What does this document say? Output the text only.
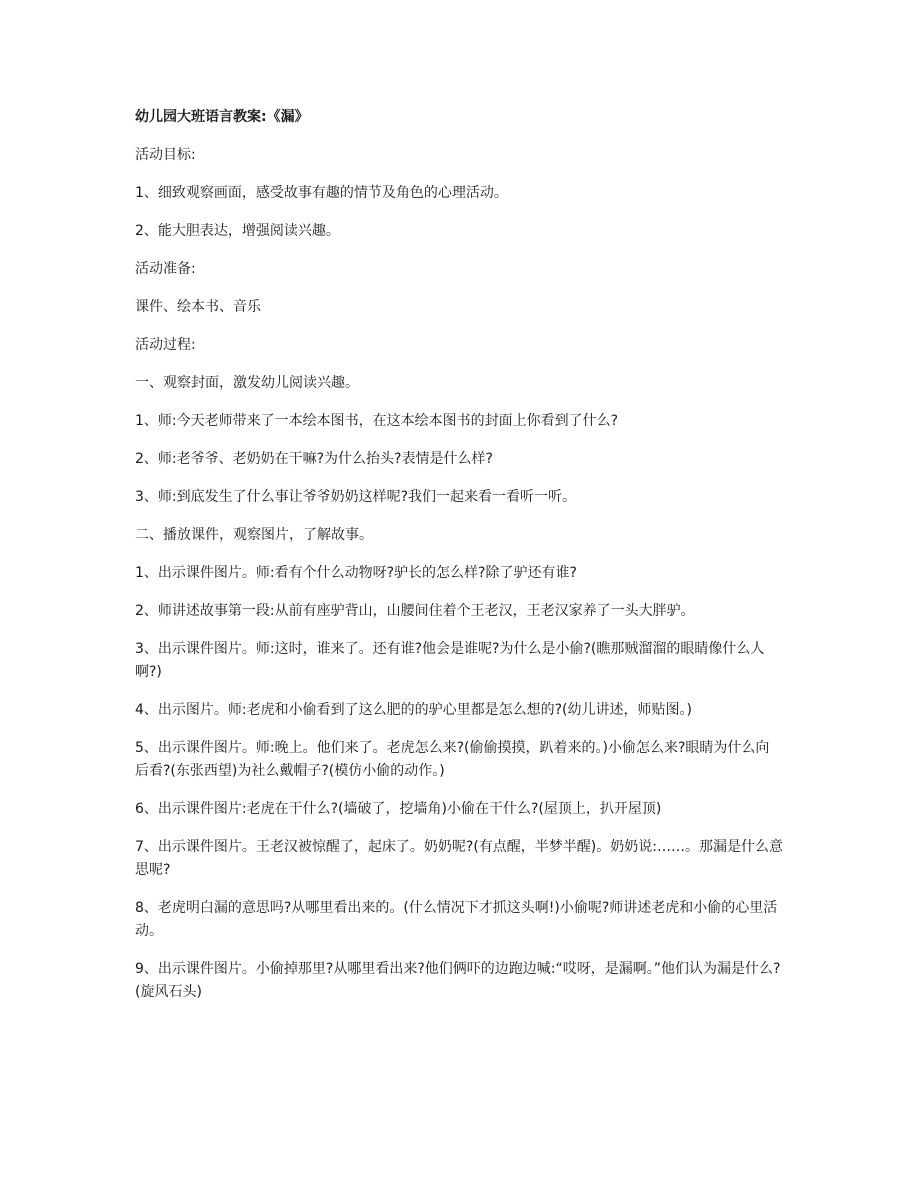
幼儿园大班语言教案:《漏》

活动目标:

1、细致观察画面，感受故事有趣的情节及角色的心理活动。

2、能大胆表达，增强阅读兴趣。

活动准备:

课件、绘本书、音乐

活动过程:

一、观察封面，激发幼儿阅读兴趣。

1、师:今天老师带来了一本绘本图书，在这本绘本图书的封面上你看到了什么?

2、师:老爷爷、老奶奶在干嘛?为什么抬头?表情是什么样?

3、师:到底发生了什么事让爷爷奶奶这样呢?我们一起来看一看听一听。

二、播放课件，观察图片，了解故事。

1、出示课件图片。师:看有个什么动物呀?驴长的怎么样?除了驴还有谁?

2、师讲述故事第一段:从前有座驴背山，山腰间住着个王老汉，王老汉家养了一头大胖驴。

3、出示课件图片。师:这时，谁来了。还有谁?他会是谁呢?为什么是小偷?(瞧那贼溜溜的眼睛像什么人啊?)

4、出示图片。师:老虎和小偷看到了这么肥的的驴心里都是怎么想的?(幼儿讲述，师贴图。)

5、出示课件图片。师:晚上。他们来了。老虎怎么来?(偷偷摸摸，趴着来的。)小偷怎么来?眼睛为什么向后看?(东张西望)为社么戴帽子?(模仿小偷的动作。)

6、出示课件图片:老虎在干什么?(墙破了，挖墙角)小偷在干什么?(屋顶上，扒开屋顶)

7、出示课件图片。王老汉被惊醒了，起床了。奶奶呢?(有点醒，半梦半醒)。奶奶说:……。那漏是什么意思呢?

8、老虎明白漏的意思吗?从哪里看出来的。(什么情况下才抓这头啊!)小偷呢?师讲述老虎和小偷的心里活动。

9、出示课件图片。小偷掉那里?从哪里看出来?他们俩吓的边跑边喊:“哎呀，是漏啊。”他们认为漏是什么?(旋风石头)
